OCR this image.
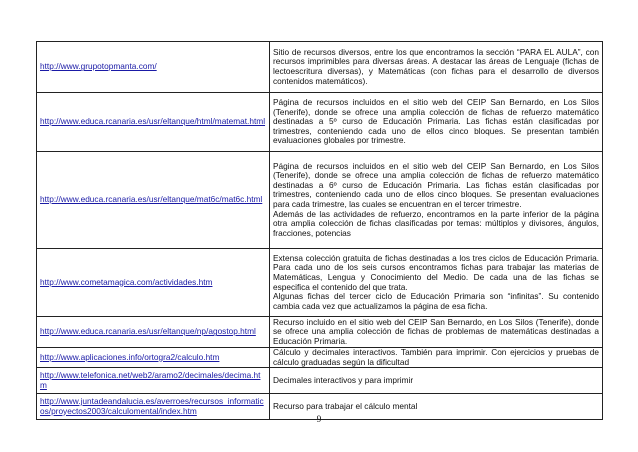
http://www.grupotopmanta.com/	Sitio de recursos diversos, entre los que encontramos la sección “PARA EL AULA”, con recursos imprimibles para diversas áreas. A destacar las áreas de Lenguaje (fichas de lectoescritura diversas), y Matemáticas (con fichas para el desarrollo de diversos contenidos matemáticos).

http://www.educa.rcanaria.es/usr/eltanque/html/matemat.html	Página de recursos incluidos en el sitio web del CEIP San Bernardo, en Los Silos (Tenerife), donde se ofrece una amplia colección de fichas de refuerzo matemático destinadas a 5º curso de Educación Primaria. Las fichas están clasificadas por trimestres, conteniendo cada uno de ellos cinco bloques. Se presentan también evaluaciones globales por trimestre.

http://www.educa.rcanaria.es/usr/eltanque/mat6c/mat6c.html	Página de recursos incluidos en el sitio web del CEIP San Bernardo, en Los Silos (Tenerife), donde se ofrece una amplia colección de fichas de refuerzo matemático destinadas a 6º curso de Educación Primaria. Las fichas están clasificadas por trimestres, conteniendo cada uno de ellos cinco bloques. Se presentan evaluaciones para cada trimestre, las cuales se encuentran en el tercer trimestre.

Además de las actividades de refuerzo, encontramos en la parte inferior de la página otra amplia colección de fichas clasificadas por temas: múltiplos y divisores, ángulos, fracciones, potencias

http://www.cometamagica.com/actividades.htm	Extensa colección gratuita de fichas destinadas a los tres ciclos de Educación Primaria. Para cada uno de los seis cursos encontramos fichas para trabajar las materias de Matemáticas, Lengua y Conocimiento del Medio. De cada una de las fichas se especifica el contenido del que trata.

Algunas fichas del tercer ciclo de Educación Primaria son “infinitas”. Su contenido cambia cada vez que actualizamos la página de esa ficha.

http://www.educa.rcanaria.es/usr/eltanque/np/agostop.html	Recurso incluido en el sitio web del CEIP San Bernardo, en Los Silos (Tenerife), donde se ofrece una amplia colección de fichas de problemas de matemáticas destinadas a Educación Primaria.

http://www.aplicaciones.info/ortogra2/calculo.htm	Cálculo y decimales interactivos. También para imprimir. Con ejercicios y pruebas de cálculo graduadas según la dificultad

http://www.telefonica.net/web2/aramo2/decimales/decima.htm	Decimales interactivos y para imprimir

http://www.juntadeandalucia.es/averroes/recursos_informaticos/proyectos2003/calculomental/index.htm	Recurso para trabajar el cálculo mental

9
